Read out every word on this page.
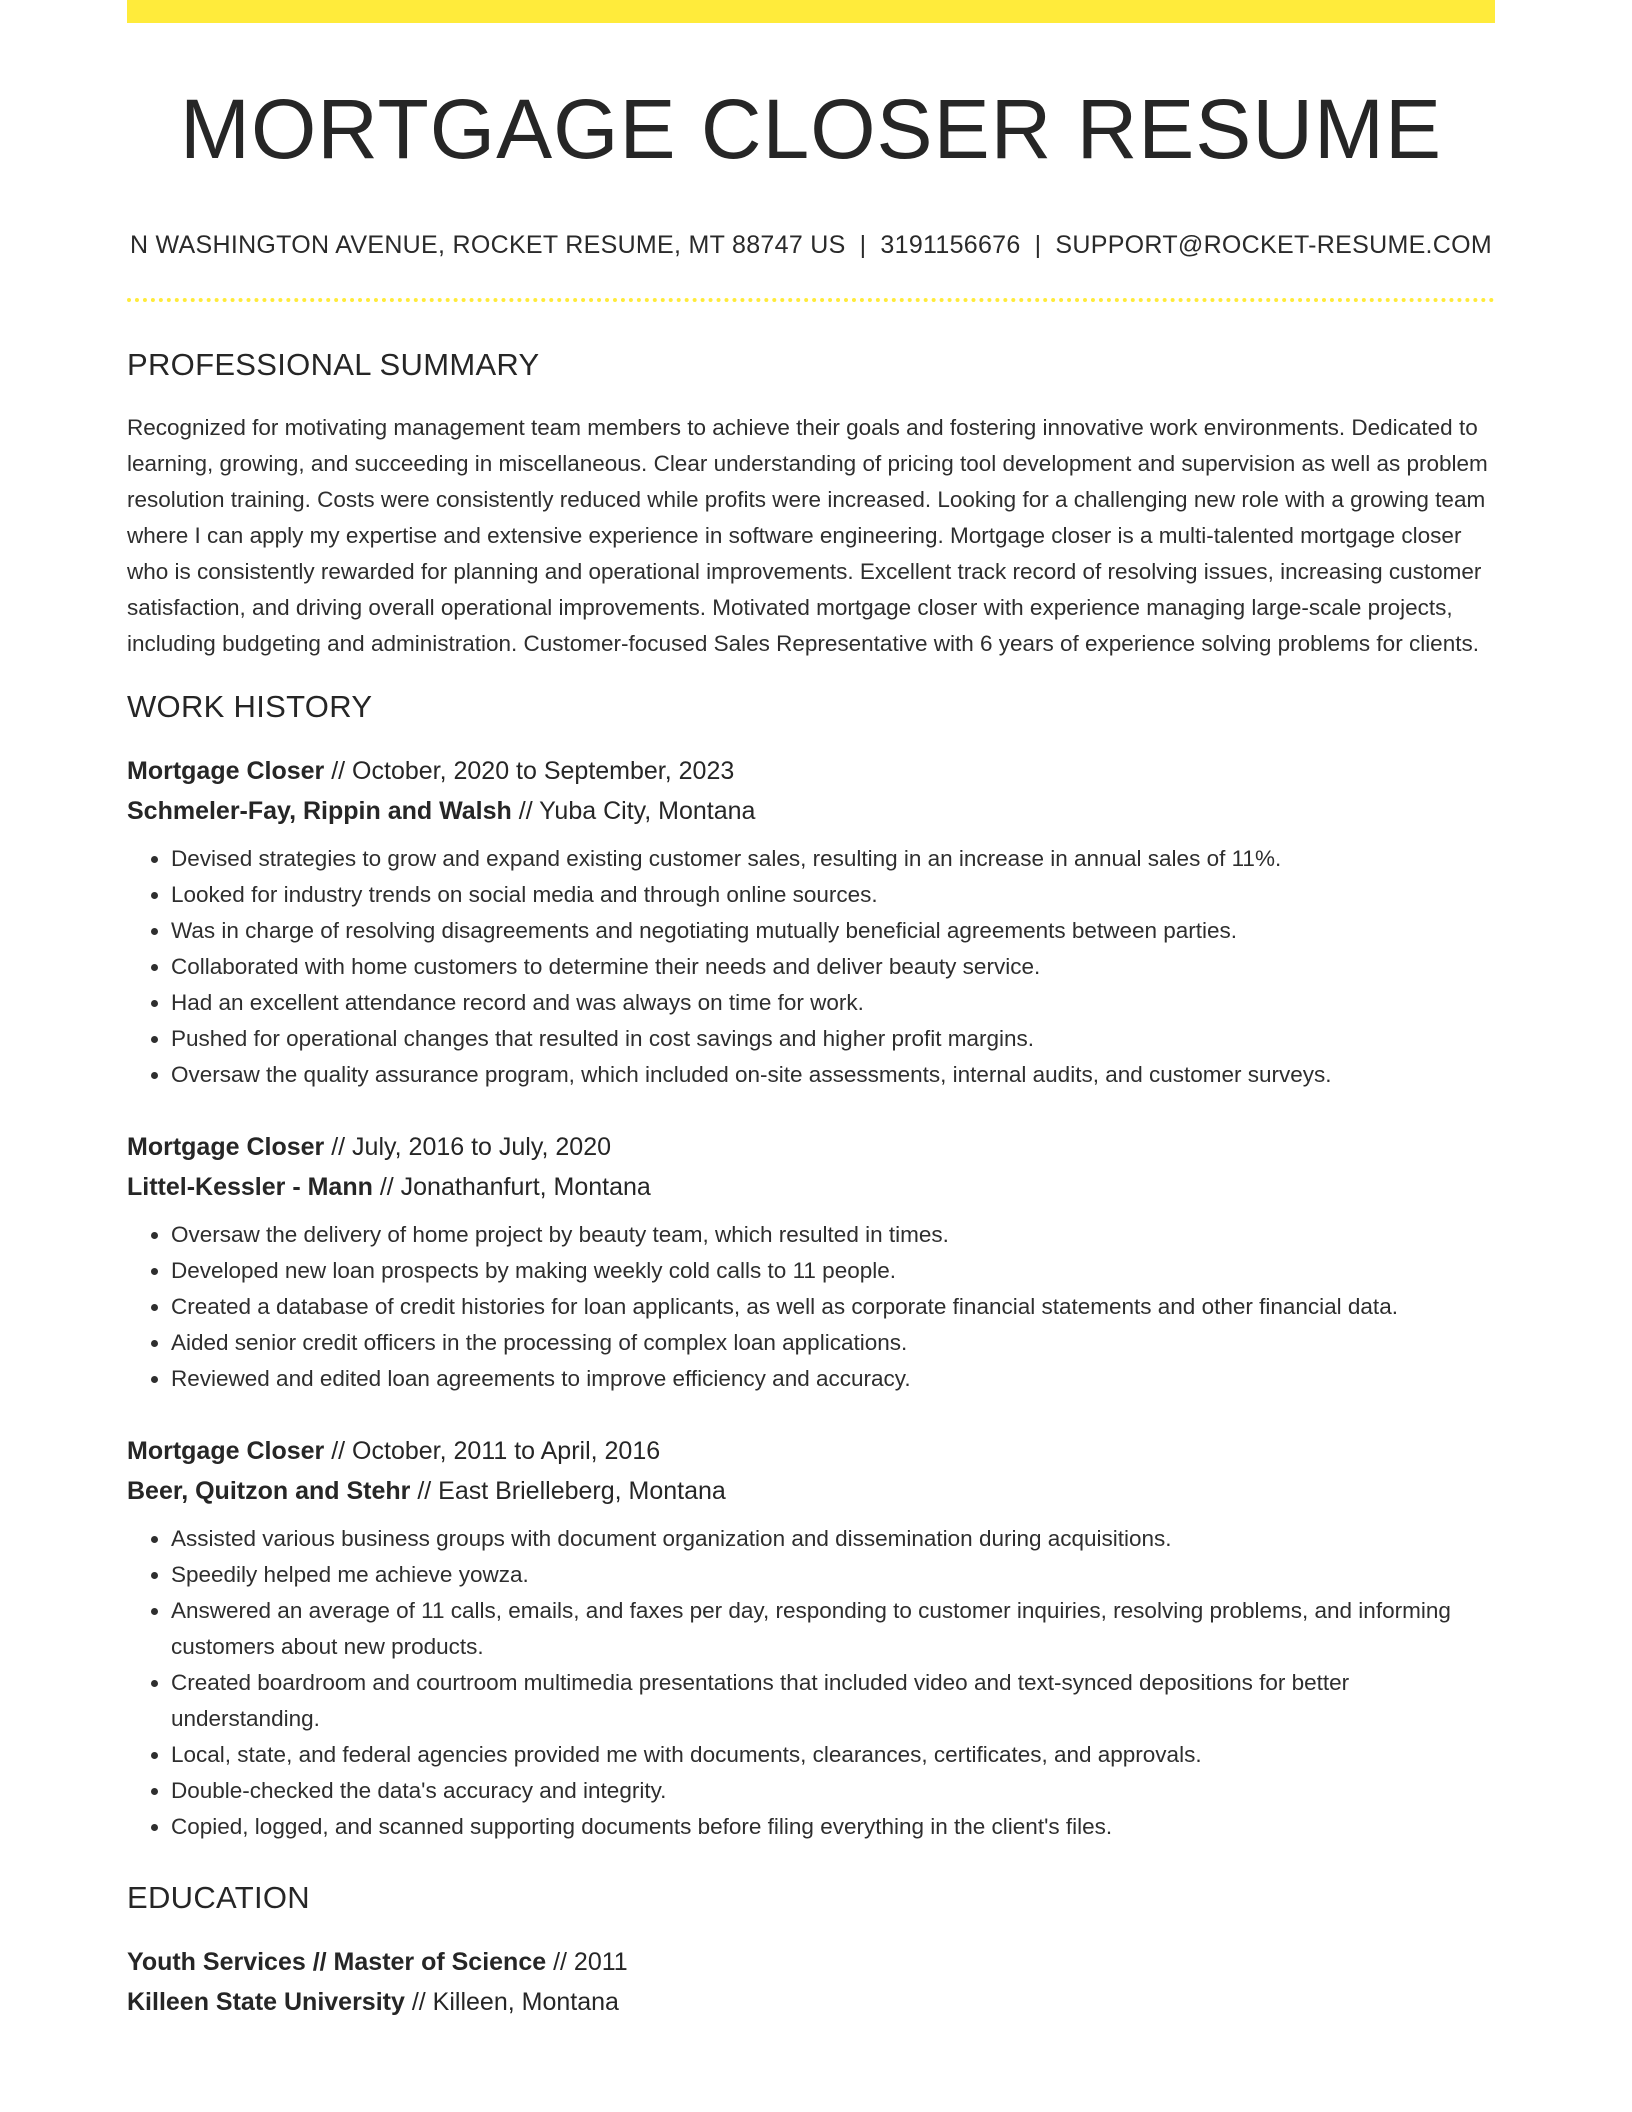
MORTGAGE CLOSER RESUME
N WASHINGTON AVENUE, ROCKET RESUME, MT 88747 US | 3191156676 | SUPPORT@ROCKET-RESUME.COM
PROFESSIONAL SUMMARY
Recognized for motivating management team members to achieve their goals and fostering innovative work environments. Dedicated to learning, growing, and succeeding in miscellaneous. Clear understanding of pricing tool development and supervision as well as problem resolution training. Costs were consistently reduced while profits were increased. Looking for a challenging new role with a growing team where I can apply my expertise and extensive experience in software engineering. Mortgage closer is a multi-talented mortgage closer who is consistently rewarded for planning and operational improvements. Excellent track record of resolving issues, increasing customer satisfaction, and driving overall operational improvements. Motivated mortgage closer with experience managing large-scale projects, including budgeting and administration. Customer-focused Sales Representative with 6 years of experience solving problems for clients.
WORK HISTORY
Mortgage Closer // October, 2020 to September, 2023
Schmeler-Fay, Rippin and Walsh // Yuba City, Montana
• Devised strategies to grow and expand existing customer sales, resulting in an increase in annual sales of 11%.
• Looked for industry trends on social media and through online sources.
• Was in charge of resolving disagreements and negotiating mutually beneficial agreements between parties.
• Collaborated with home customers to determine their needs and deliver beauty service.
• Had an excellent attendance record and was always on time for work.
• Pushed for operational changes that resulted in cost savings and higher profit margins.
• Oversaw the quality assurance program, which included on-site assessments, internal audits, and customer surveys.
Mortgage Closer // July, 2016 to July, 2020
Littel-Kessler - Mann // Jonathanfurt, Montana
• Oversaw the delivery of home project by beauty team, which resulted in times.
• Developed new loan prospects by making weekly cold calls to 11 people.
• Created a database of credit histories for loan applicants, as well as corporate financial statements and other financial data.
• Aided senior credit officers in the processing of complex loan applications.
• Reviewed and edited loan agreements to improve efficiency and accuracy.
Mortgage Closer // October, 2011 to April, 2016
Beer, Quitzon and Stehr // East Brielleberg, Montana
• Assisted various business groups with document organization and dissemination during acquisitions.
• Speedily helped me achieve yowza.
• Answered an average of 11 calls, emails, and faxes per day, responding to customer inquiries, resolving problems, and informing customers about new products.
• Created boardroom and courtroom multimedia presentations that included video and text-synced depositions for better understanding.
• Local, state, and federal agencies provided me with documents, clearances, certificates, and approvals.
• Double-checked the data's accuracy and integrity.
• Copied, logged, and scanned supporting documents before filing everything in the client's files.
EDUCATION
Youth Services // Master of Science // 2011
Killeen State University // Killeen, Montana
